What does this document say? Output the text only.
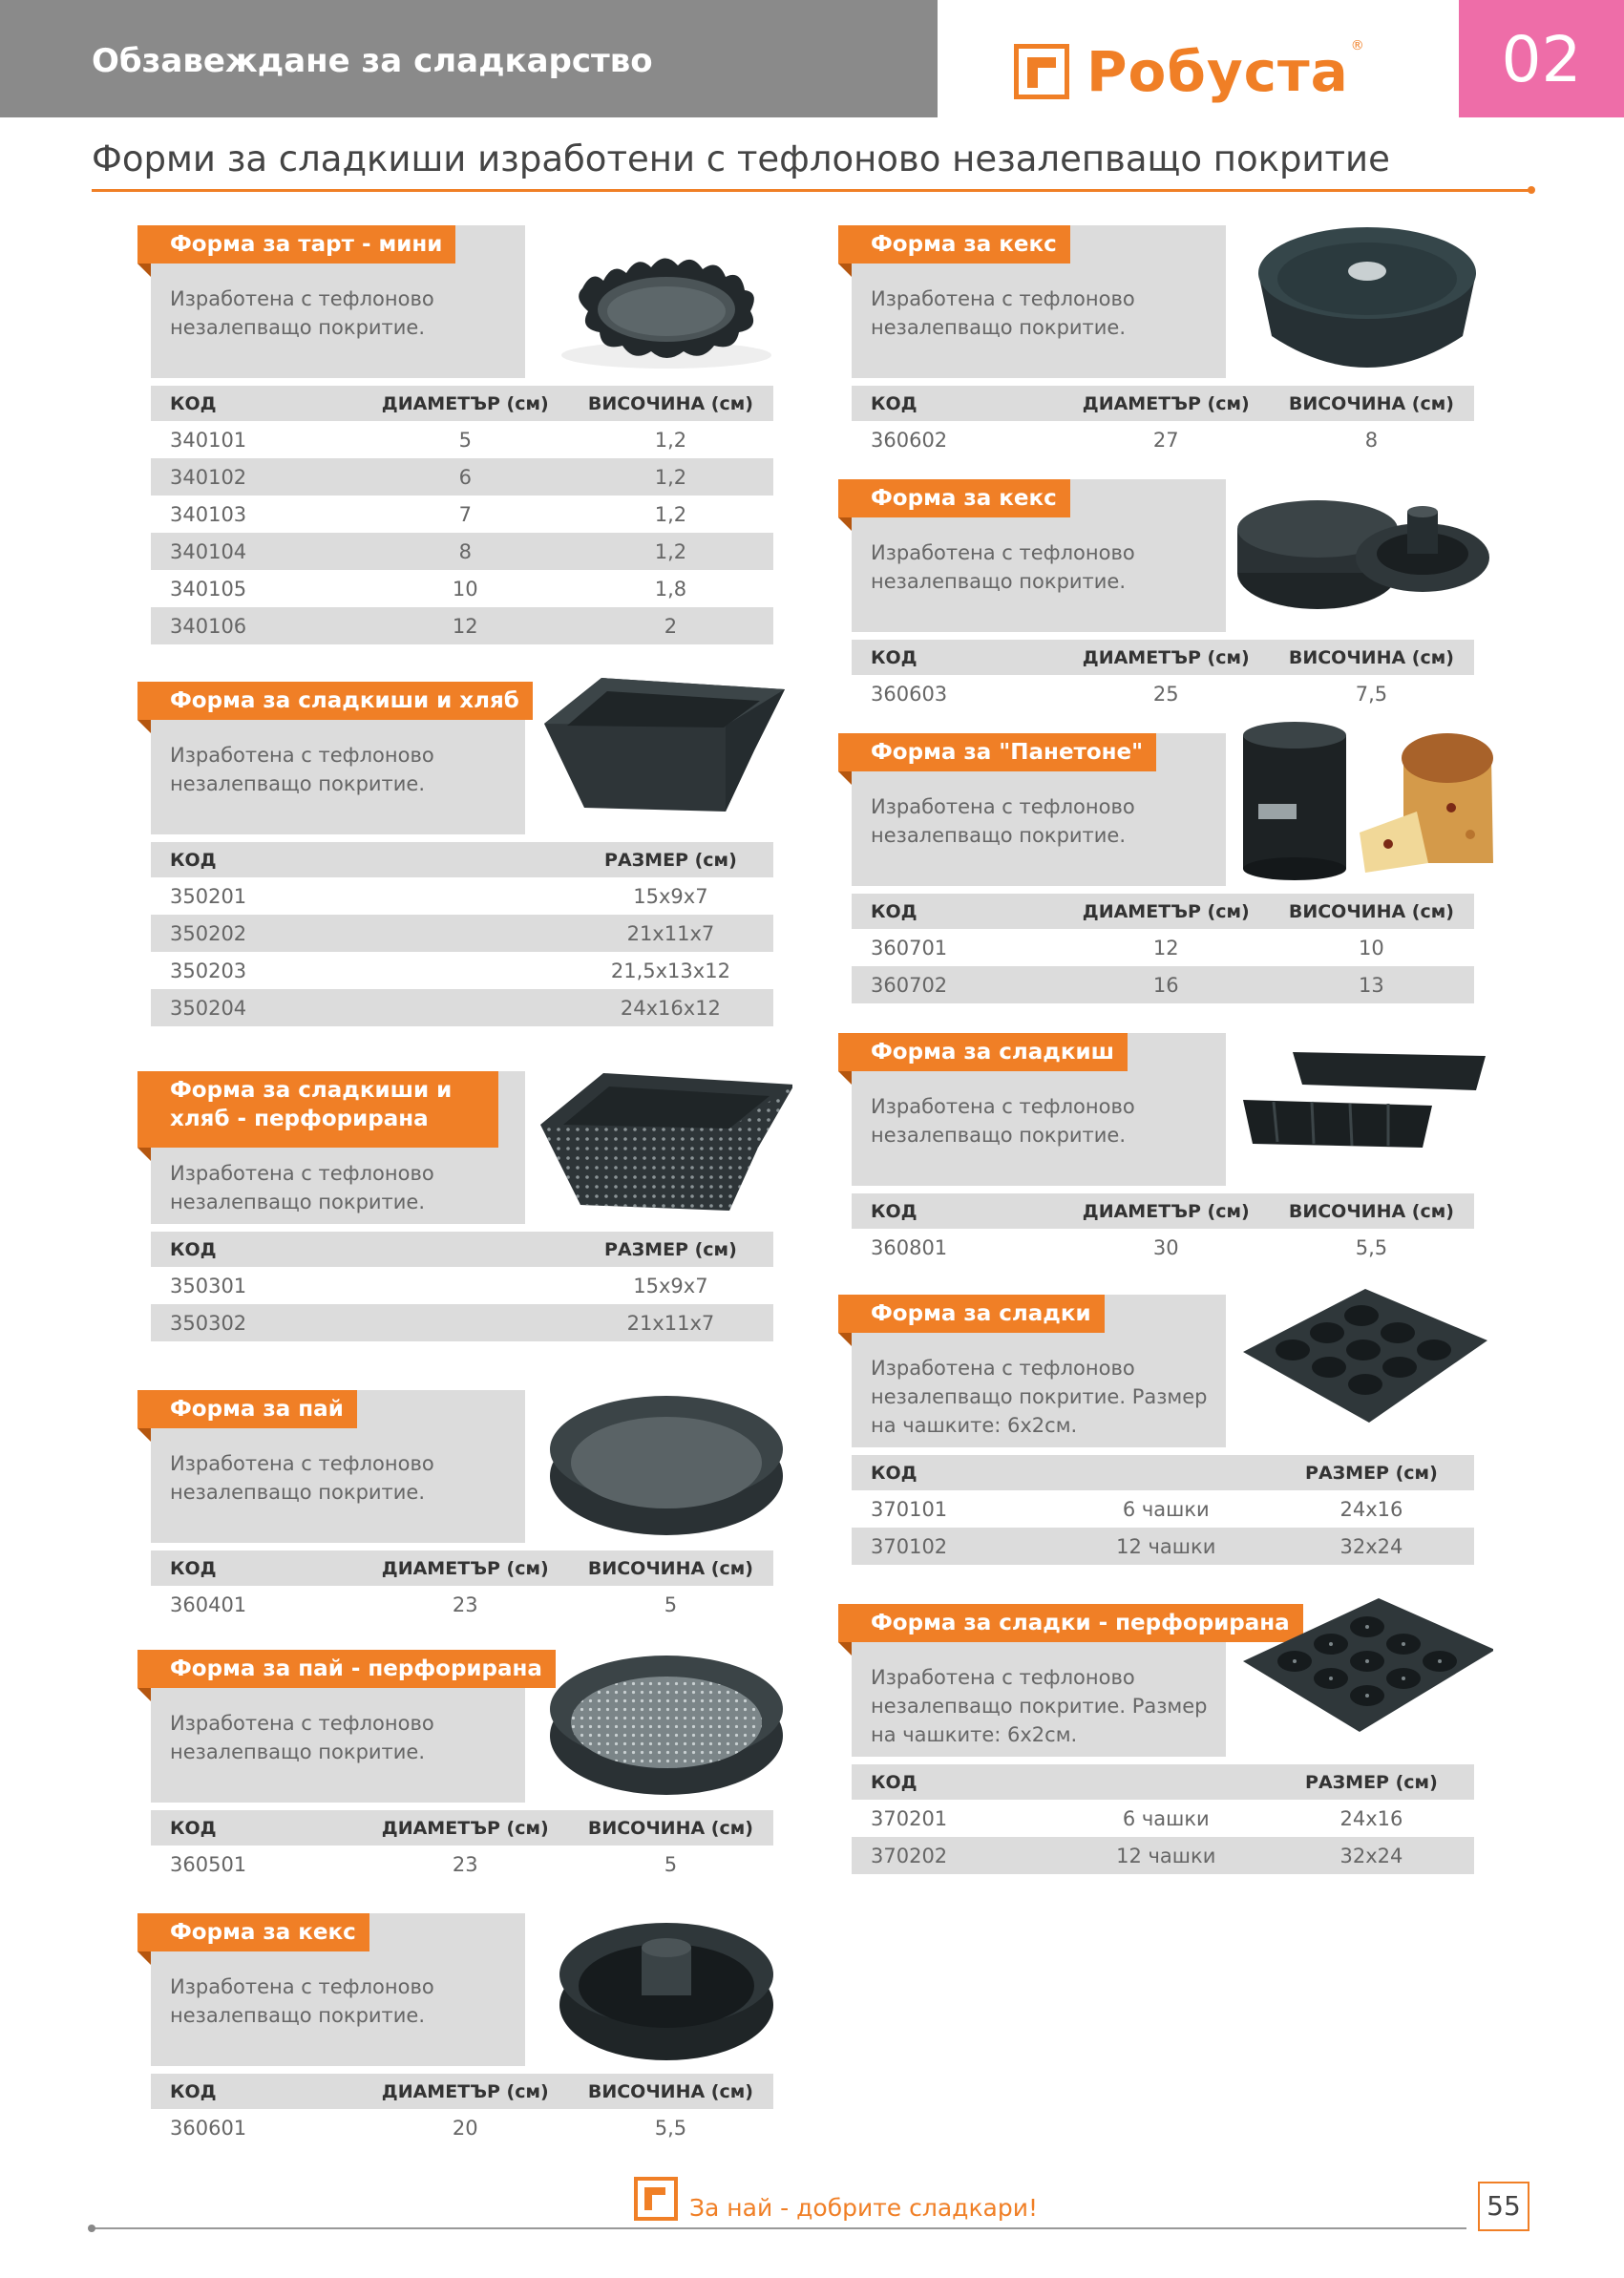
Обзавеждане за сладкарство	Робуста ®	02
Форми за сладкиши изработени с тефлоново незалепващо покритие
Форма за тарт - мини
Изработена с тефлоново незалепващо покритие.
КОД	ДИАМЕТЪР (см)	ВИСОЧИНА (см)
340101	5	1,2
340102	6	1,2
340103	7	1,2
340104	8	1,2
340105	10	1,8
340106	12	2
Форма за сладкиши и хляб
Изработена с тефлоново незалепващо покритие.
КОД		РАЗМЕР (см)
350201		15x9x7
350202		21x11x7
350203		21,5x13x12
350204		24x16x12
Форма за сладкиши и хляб - перфорирана
Изработена с тефлоново незалепващо покритие.
КОД		РАЗМЕР (см)
350301		15x9x7
350302		21x11x7
Форма за пай
Изработена с тефлоново незалепващо покритие.
КОД	ДИАМЕТЪР (см)	ВИСОЧИНА (см)
360401	23	5
Форма за пай - перфорирана
Изработена с тефлоново незалепващо покритие.
КОД	ДИАМЕТЪР (см)	ВИСОЧИНА (см)
360501	23	5
Форма за кекс
Изработена с тефлоново незалепващо покритие.
КОД	ДИАМЕТЪР (см)	ВИСОЧИНА (см)
360601	20	5,5
Форма за кекс
Изработена с тефлоново незалепващо покритие.
КОД	ДИАМЕТЪР (см)	ВИСОЧИНА (см)
360602	27	8
Форма за кекс
Изработена с тефлоново незалепващо покритие.
КОД	ДИАМЕТЪР (см)	ВИСОЧИНА (см)
360603	25	7,5
Форма за "Панетоне"
Изработена с тефлоново незалепващо покритие.
КОД	ДИАМЕТЪР (см)	ВИСОЧИНА (см)
360701	12	10
360702	16	13
Форма за сладкиш
Изработена с тефлоново незалепващо покритие.
КОД	ДИАМЕТЪР (см)	ВИСОЧИНА (см)
360801	30	5,5
Форма за сладки
Изработена с тефлоново незалепващо покритие. Размер на чашките: 6x2см.
КОД		РАЗМЕР (см)
370101	6 чашки	24x16
370102	12 чашки	32x24
Форма за сладки - перфорирана
Изработена с тефлоново незалепващо покритие. Размер на чашките: 6x2см.
КОД		РАЗМЕР (см)
370201	6 чашки	24x16
370202	12 чашки	32x24
За най - добрите сладкари!	55
